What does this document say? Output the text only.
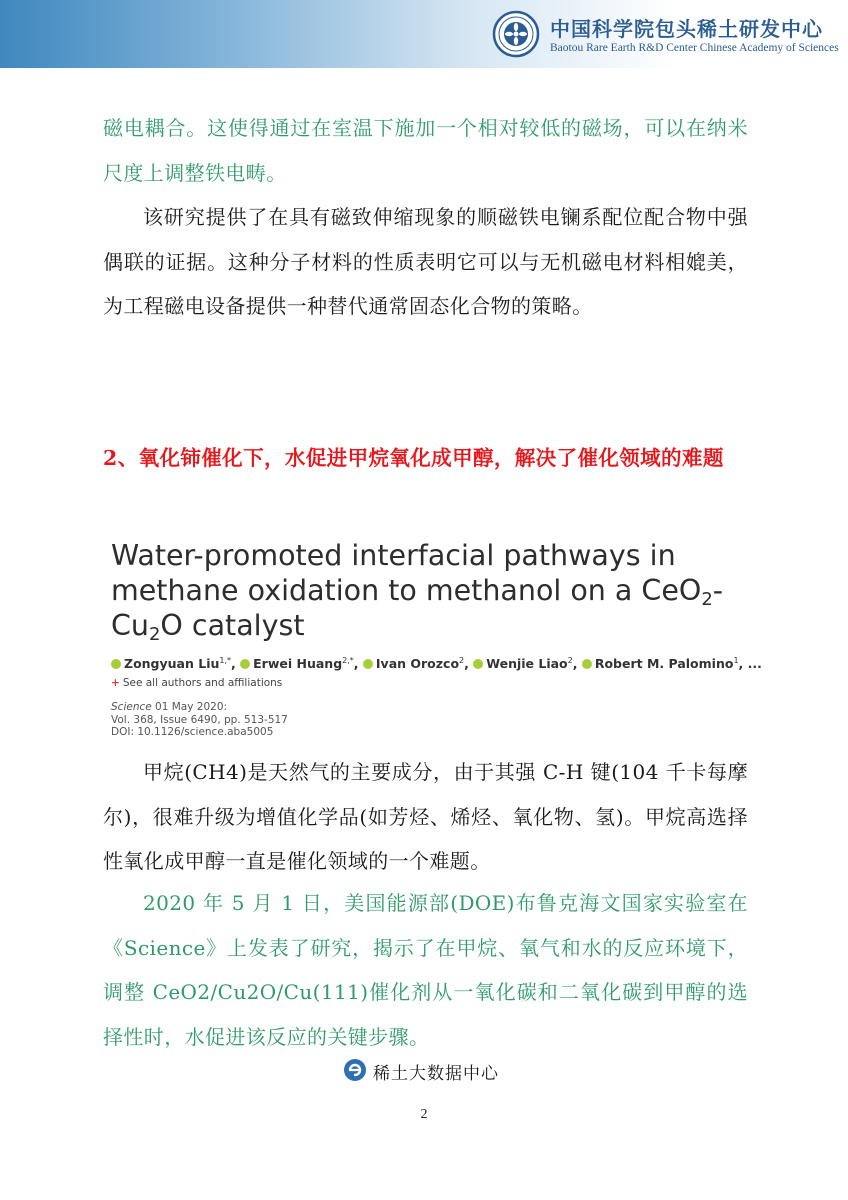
中国科学院包头稀土研发中心
Baotou Rare Earth R&D Center Chinese Academy of Sciences

磁电耦合。这使得通过在室温下施加一个相对较低的磁场，可以在纳米尺度上调整铁电畴。

该研究提供了在具有磁致伸缩现象的顺磁铁电镧系配位配合物中强偶联的证据。这种分子材料的性质表明它可以与无机磁电材料相媲美，为工程磁电设备提供一种替代通常固态化合物的策略。

2、氧化铈催化下，水促进甲烷氧化成甲醇，解决了催化领域的难题

Water-promoted interfacial pathways in
methane oxidation to methanol on a CeO$_2$-
$Cu_2O$ catalyst
Zongyuan Liu$^{1,*}$, Erwei Huang$^{2,*}$, Ivan Orozco$^2$, Wenjie Liao$^2$, Robert M. Palomino$^1$, ...
+ See all authors and affiliations
Science 01 May 2020:
Vol. 368, Issue 6490, pp. 513-517
DOI: 10.1126/science.aba5005

甲烷(CH4)是天然气的主要成分，由于其强 C-H 键(104 千卡每摩尔)，很难升级为增值化学品(如芳烃、烯烃、氧化物、氢)。甲烷高选择性氧化成甲醇一直是催化领域的一个难题。

2020 年 5 月 1 日，美国能源部(DOE)布鲁克海文国家实验室在《Science》上发表了研究，揭示了在甲烷、氧气和水的反应环境下，调整 CeO2/Cu2O/Cu(111)催化剂从一氧化碳和二氧化碳到甲醇的选择性时，水促进该反应的关键步骤。

稀土大数据中心
2
